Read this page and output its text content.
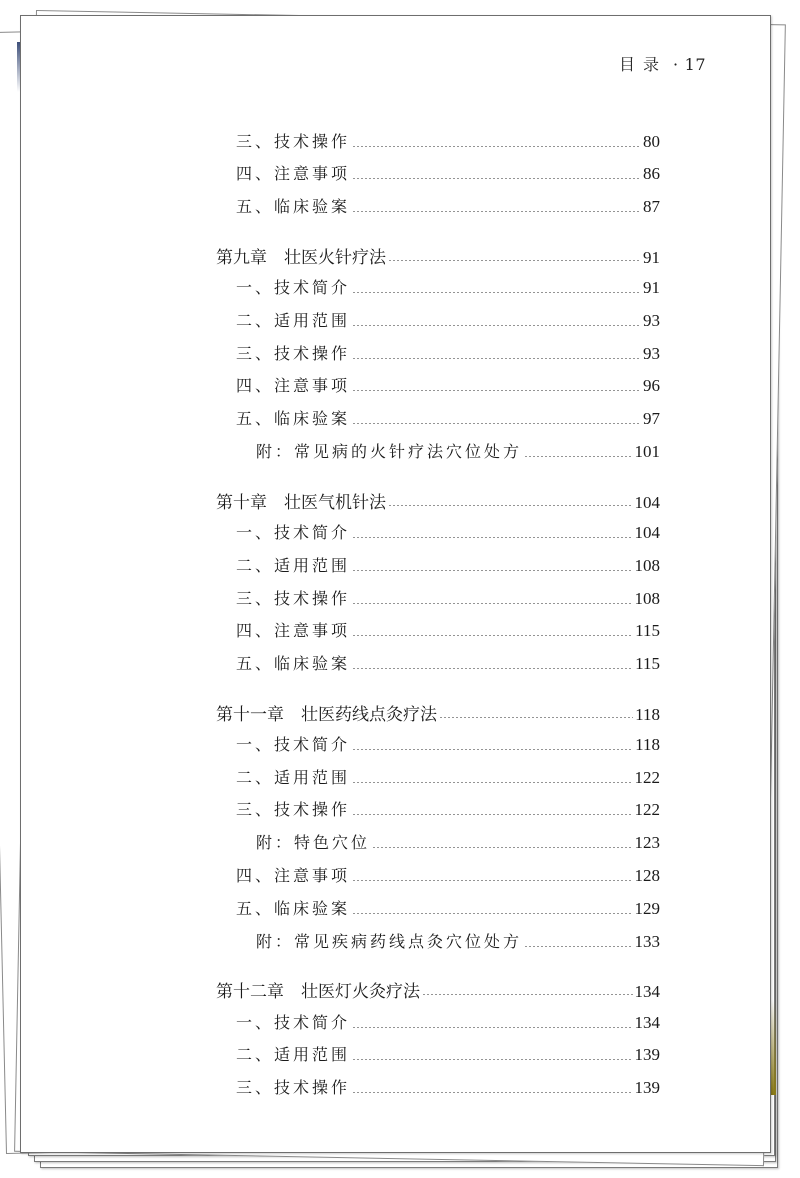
目录 · 17
三、技术操作	80
四、注意事项	86
五、临床验案	87
第九章　壮医火针疗法	91
一、技术简介	91
二、适用范围	93
三、技术操作	93
四、注意事项	96
五、临床验案	97
附：常见病的火针疗法穴位处方	101
第十章　壮医气机针法	104
一、技术简介	104
二、适用范围	108
三、技术操作	108
四、注意事项	115
五、临床验案	115
第十一章　壮医药线点灸疗法	118
一、技术简介	118
二、适用范围	122
三、技术操作	122
附：特色穴位	123
四、注意事项	128
五、临床验案	129
附：常见疾病药线点灸穴位处方	133
第十二章　壮医灯火灸疗法	134
一、技术简介	134
二、适用范围	139
三、技术操作	139
